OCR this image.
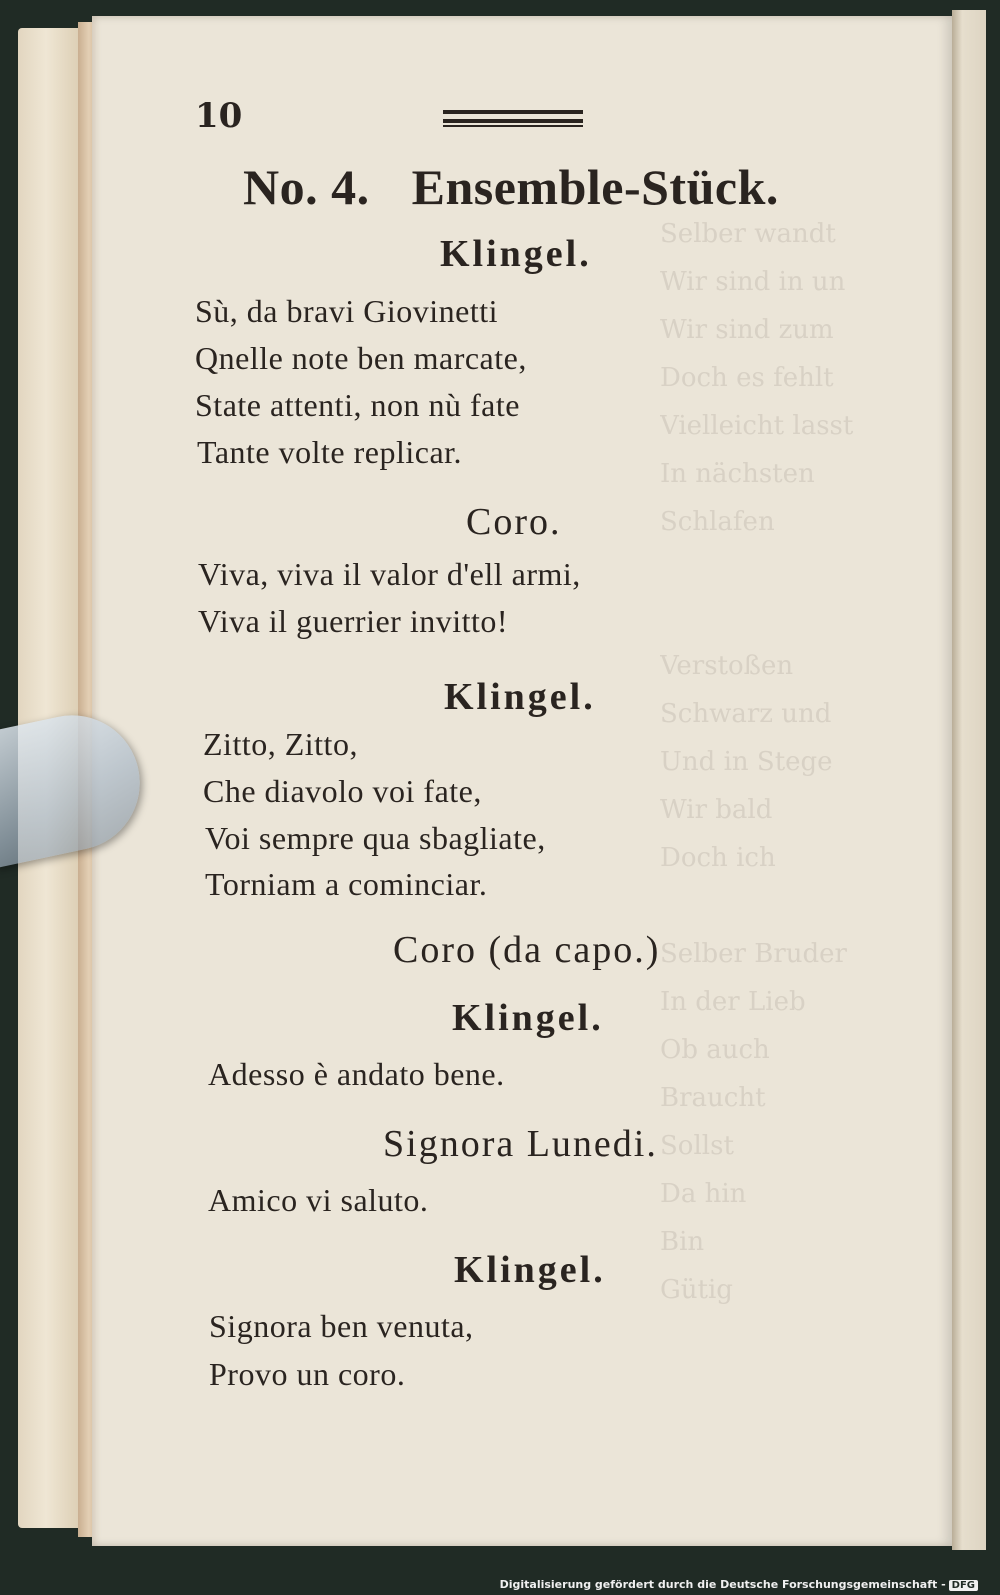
Selber wandt
Wir sind in un
Wir sind zum
Doch es fehlt
Vielleicht lasst
In nächsten
Schlafen

Verstoßen
Schwarz und
Und in Stege
Wir bald
Doch ich

Selber Bruder
In der Lieb
Ob auch
Braucht
Sollst
Da hin
Bin
Gütig
10
No. 4. Ensemble-Stück.
Klingel.
Sù, da bravi Giovinetti
Qnelle note ben marcate,
State attenti, non nù fate
Tante volte replicar.
Coro.
Viva, viva il valor d'ell armi,
Viva il guerrier invitto!
Klingel.
Zitto, Zitto,
Che diavolo voi fate,
Voi sempre qua sbagliate,
Torniam a cominciar.
Coro (da capo.)
Klingel.
Adesso è andato bene.
Signora Lunedi.
Amico vi saluto.
Klingel.
Signora ben venuta,
Provo un coro.
Digitalisierung gefördert durch die Deutsche Forschungsgemeinschaft - DFG
